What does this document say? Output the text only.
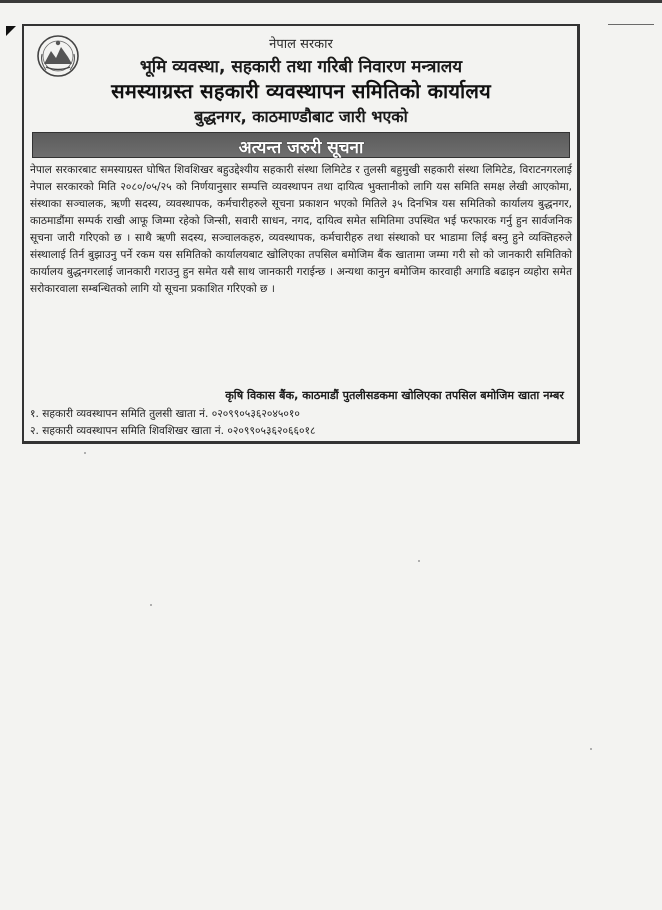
नेपाल सरकार
भूमि व्यवस्था, सहकारी तथा गरिबी निवारण मन्त्रालय
समस्याग्रस्त सहकारी व्यवस्थापन समितिको कार्यालय
बुद्धनगर, काठमाण्डौबाट जारी भएको
अत्यन्त जरुरी सूचना

नेपाल सरकारबाट समस्याग्रस्त घोषित शिवशिखर बहुउद्देश्यीय सहकारी संस्था लिमिटेड र तुलसी बहुमुखी सहकारी संस्था लिमिटेड, विराटनगरलाई नेपाल सरकारको मिति २०८०/०५/२५ को निर्णयानुसार सम्पत्ति व्यवस्थापन तथा दायित्व भुक्तानीको लागि यस समिति समक्ष लेखी आएकोमा, संस्थाका सञ्चालक, ऋणी सदस्य, व्यवस्थापक, कर्मचारीहरुले सूचना प्रकाशन भएको मितिले ३५ दिनभित्र यस समितिको कार्यालय बुद्धनगर, काठमाडौंमा सम्पर्क राखी आफू जिम्मा रहेको जिन्सी, सवारी साधन, नगद, दायित्व समेत समितिमा उपस्थित भई फरफारक गर्नु हुन सार्वजनिक सूचना जारी गरिएको छ । साथै ऋणी सदस्य, सञ्चालकहरु, व्यवस्थापक, कर्मचारीहरु तथा संस्थाको घर भाडामा लिई बस्नु हुने व्यक्तिहरुले संस्थालाई तिर्न बुझाउनु पर्ने रकम यस समितिको कार्यालयबाट खोलिएका तपसिल बमोजिम बैंक खातामा जम्मा गरी सो को जानकारी समितिको कार्यालय बुद्धनगरलाई जानकारी गराउनु हुन समेत यसै साथ जानकारी गराईन्छ । अन्यथा कानुन बमोजिम कारवाही अगाडि बढाइन व्यहोरा समेत सरोकारवाला सम्बन्धितको लागि यो सूचना प्रकाशित गरिएको छ ।

कृषि विकास बैंक, काठमाडौं पुतलीसडकमा खोलिएका तपसिल बमोजिम खाता नम्बर
१. सहकारी व्यवस्थापन समिति तुलसी खाता नं. ०२०९९०५३६२०४५०१०
२. सहकारी व्यवस्थापन समिति शिवशिखर खाता नं. ०२०९९०५३६२०६६०१८
